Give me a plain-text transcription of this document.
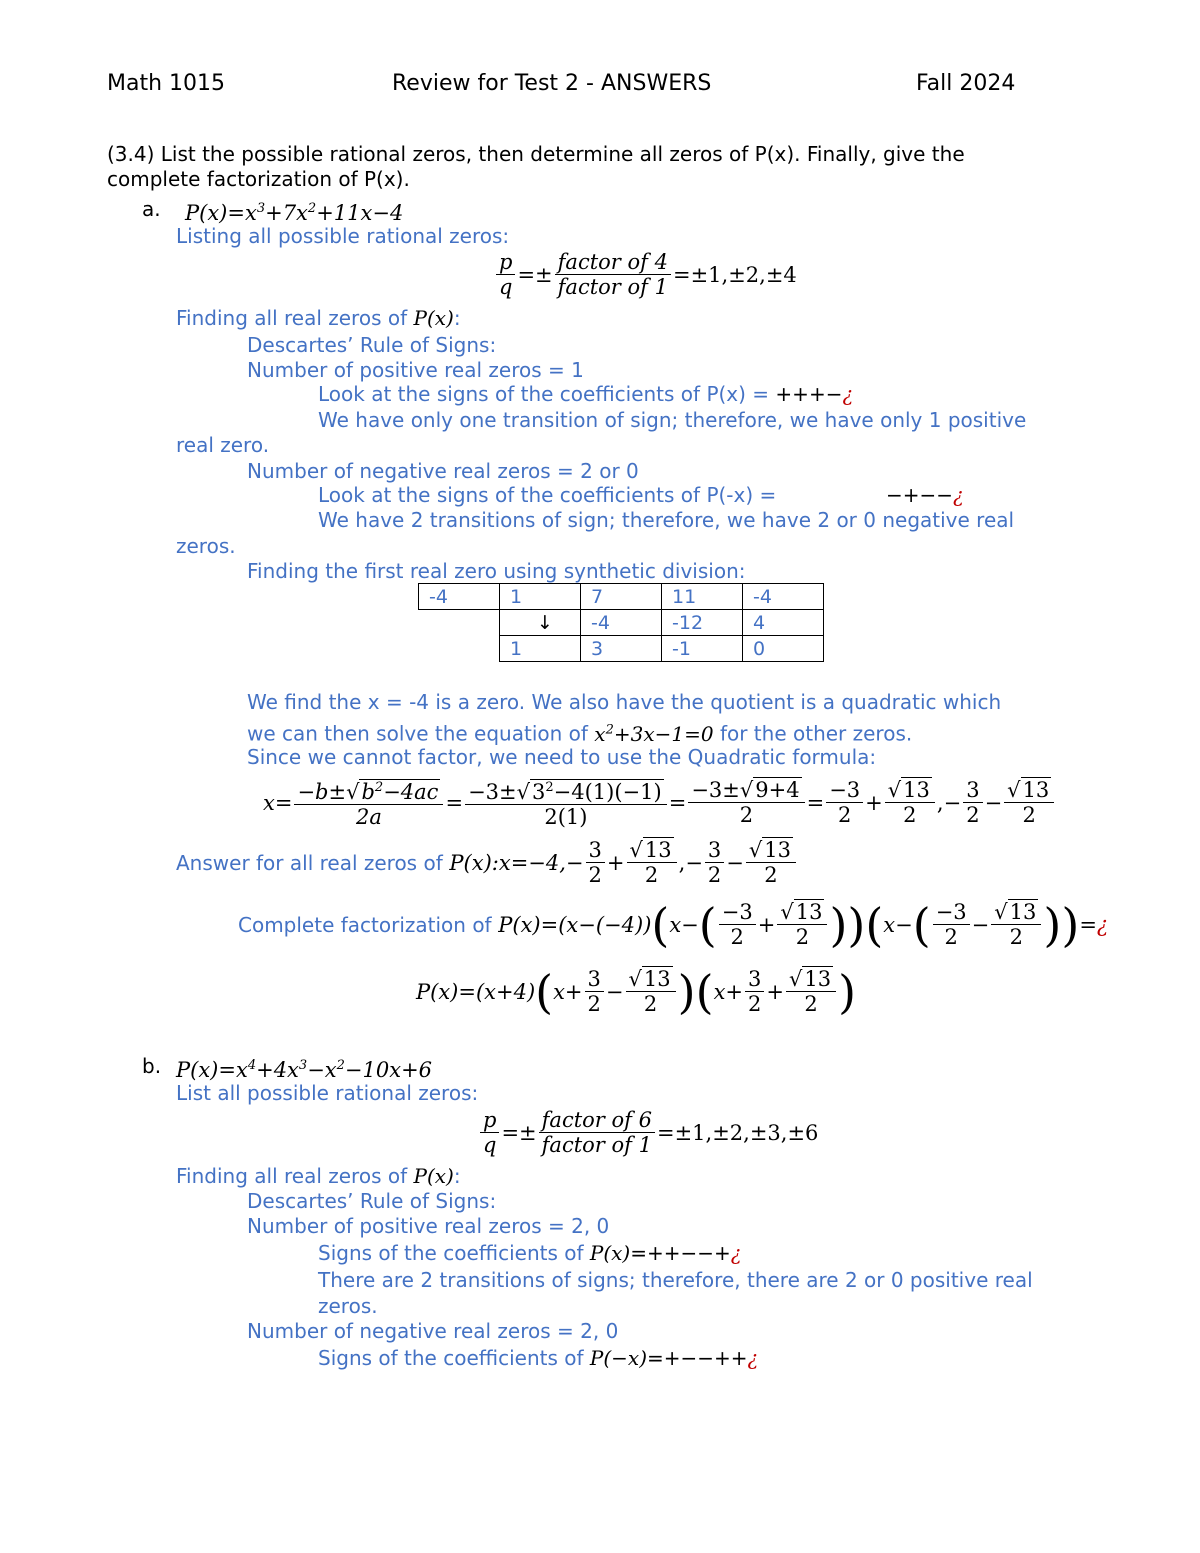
Math 1015	Review for Test 2 - ANSWERS	Fall 2024
(3.4) List the possible rational zeros, then determine all zeros of P(x). Finally, give the
complete factorization of P(x).
a. $P(x)=x^3+7x^2+11x-4$
Listing all possible rational zeros:
$\frac{p}{q} =\pm \frac{\text{factor of 4}}{\text{factor of 1}} =\pm 1,\pm 2,\pm 4$
Finding all real zeros of P(x):
Descartes’ Rule of Signs:
Number of positive real zeros = 1
Look at the signs of the coefficients of P(x) = +++−¿
We have only one transition of sign; therefore, we have only 1 positive
real zero.
Number of negative real zeros = 2 or 0
Look at the signs of the coefficients of P(-x) =	−+−−¿
We have 2 transitions of sign; therefore, we have 2 or 0 negative real
zeros.
Finding the first real zero using synthetic division:
-4	1	7	11	-4
	↓	-4	-12	4
	1	3	-1	0
We find the x = -4 is a zero. We also have the quotient is a quadratic which
we can then solve the equation of $x^2+3x-1=0$ for the other zeros.
Since we cannot factor, we need to use the Quadratic formula:
$x= \frac{-b\pm√b^2-4ac}{2a} = \frac{-3\pm√3^2-4(1)(-1)}{2(1)} = \frac{-3\pm√9+4}{2} = \frac{-3}{2} + \frac{√13}{2}$ , − $\frac{3}{2} - \frac{√13}{2}$
Answer for all real zeros of P(x):x=−4,− $\frac{3}{2} + \frac{√13}{2}$ ,− $\frac{3}{2} - \frac{√13}{2}$
Complete factorization of P(x)=(x−(−4)) ( x− ( $\frac{-3}{2} + \frac{√13}{2}$ ))( x− ( $\frac{-3}{2} - \frac{√13}{2}$ )) = ¿
P(x)=(x+4) ( $x+ \frac{3}{2} - \frac{√13}{2}$ )( $x+ \frac{3}{2} + \frac{√13}{2}$ )
b. $P(x)=x^4+4x^3-x^2-10x+6$
List all possible rational zeros:
$\frac{p}{q} =\pm \frac{\text{factor of 6}}{\text{factor of 1}} =\pm 1,\pm 2,\pm 3,\pm 6$
Finding all real zeros of P(x):
Descartes’ Rule of Signs:
Number of positive real zeros = 2, 0
Signs of the coefficients of P(x)=++−−+¿
There are 2 transitions of signs; therefore, there are 2 or 0 positive real
zeros.
Number of negative real zeros = 2, 0
Signs of the coefficients of P(−x)=+−−++¿
